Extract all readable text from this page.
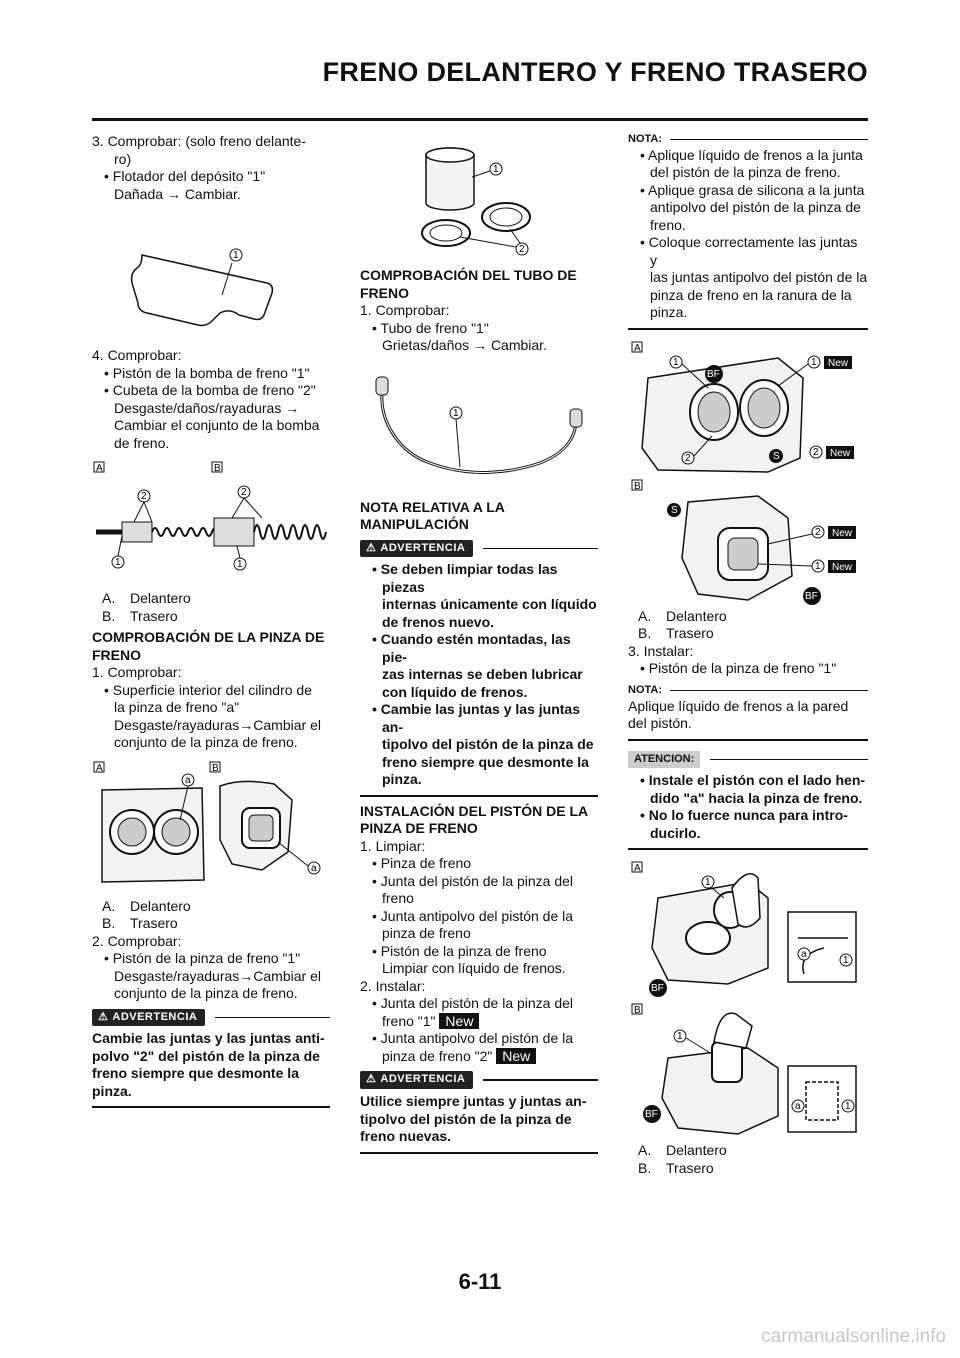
FRENO DELANTERO Y FRENO TRASERO

3. Comprobar: (solo freno delante-

ro)

• Flotador del depósito "1"

Dañada → Cambiar.

1

4. Comprobar:

• Pistón de la bomba de freno "1"

• Cubeta de la bomba de freno "2"

Desgaste/daños/rayaduras →

Cambiar el conjunto de la bomba

de freno.

A	B
2
1
2
1

A. Delantero

B. Trasero

COMPROBACIÓN DE LA PINZA DE

FRENO

1. Comprobar:

• Superficie interior del cilindro de

la pinza de freno "a"

Desgaste/rayaduras→Cambiar el

conjunto de la pinza de freno.

A	B
a
a

A. Delantero

B. Trasero

2. Comprobar:

• Pistón de la pinza de freno "1"

Desgaste/rayaduras→Cambiar el

conjunto de la pinza de freno.

⚠ ADVERTENCIA

Cambie las juntas y las juntas anti-

polvo "2" del pistón de la pinza de

freno siempre que desmonte la

pinza.

1
2

COMPROBACIÓN DEL TUBO DE

FRENO

1. Comprobar:

• Tubo de freno "1"

Grietas/daños → Cambiar.

1

NOTA RELATIVA A LA

MANIPULACIÓN

⚠ ADVERTENCIA

• Se deben limpiar todas las piezas

internas únicamente con líquido

de frenos nuevo.

• Cuando estén montadas, las pie-

zas internas se deben lubricar

con líquido de frenos.

• Cambie las juntas y las juntas an-

tipolvo del pistón de la pinza de

freno siempre que desmonte la

pinza.

INSTALACIÓN DEL PISTÓN DE LA

PINZA DE FRENO

1. Limpiar:

• Pinza de freno

• Junta del pistón de la pinza del

freno

• Junta antipolvo del pistón de la

pinza de freno

• Pistón de la pinza de freno

Limpiar con líquido de frenos.

2. Instalar:

• Junta del pistón de la pinza del

freno "1" New

• Junta antipolvo del pistón de la

pinza de freno "2" New

⚠ ADVERTENCIA

Utilice siempre juntas y juntas an-

tipolvo del pistón de la pinza de

freno nuevas.

NOTA:

• Aplique líquido de frenos a la junta

del pistón de la pinza de freno.

• Aplique grasa de silicona a la junta

antipolvo del pistón de la pinza de

freno.

• Coloque correctamente las juntas y

las juntas antipolvo del pistón de la

pinza de freno en la ranura de la

pinza.

A
1	1 New
BF
2
2 New
S
B
S
2 New
1 New
BF

A. Delantero

B. Trasero

3. Instalar:

• Pistón de la pinza de freno "1"

NOTA:

Aplique líquido de frenos a la pared

del pistón.

ATENCION:

• Instale el pistón con el lado hen-

dido "a" hacia la pinza de freno.

• No lo fuerce nunca para intro-

ducirlo.

A
1
BF
a
1
B
1
BF
a	1

A. Delantero

B. Trasero

6-11
carmanualsonline.info
